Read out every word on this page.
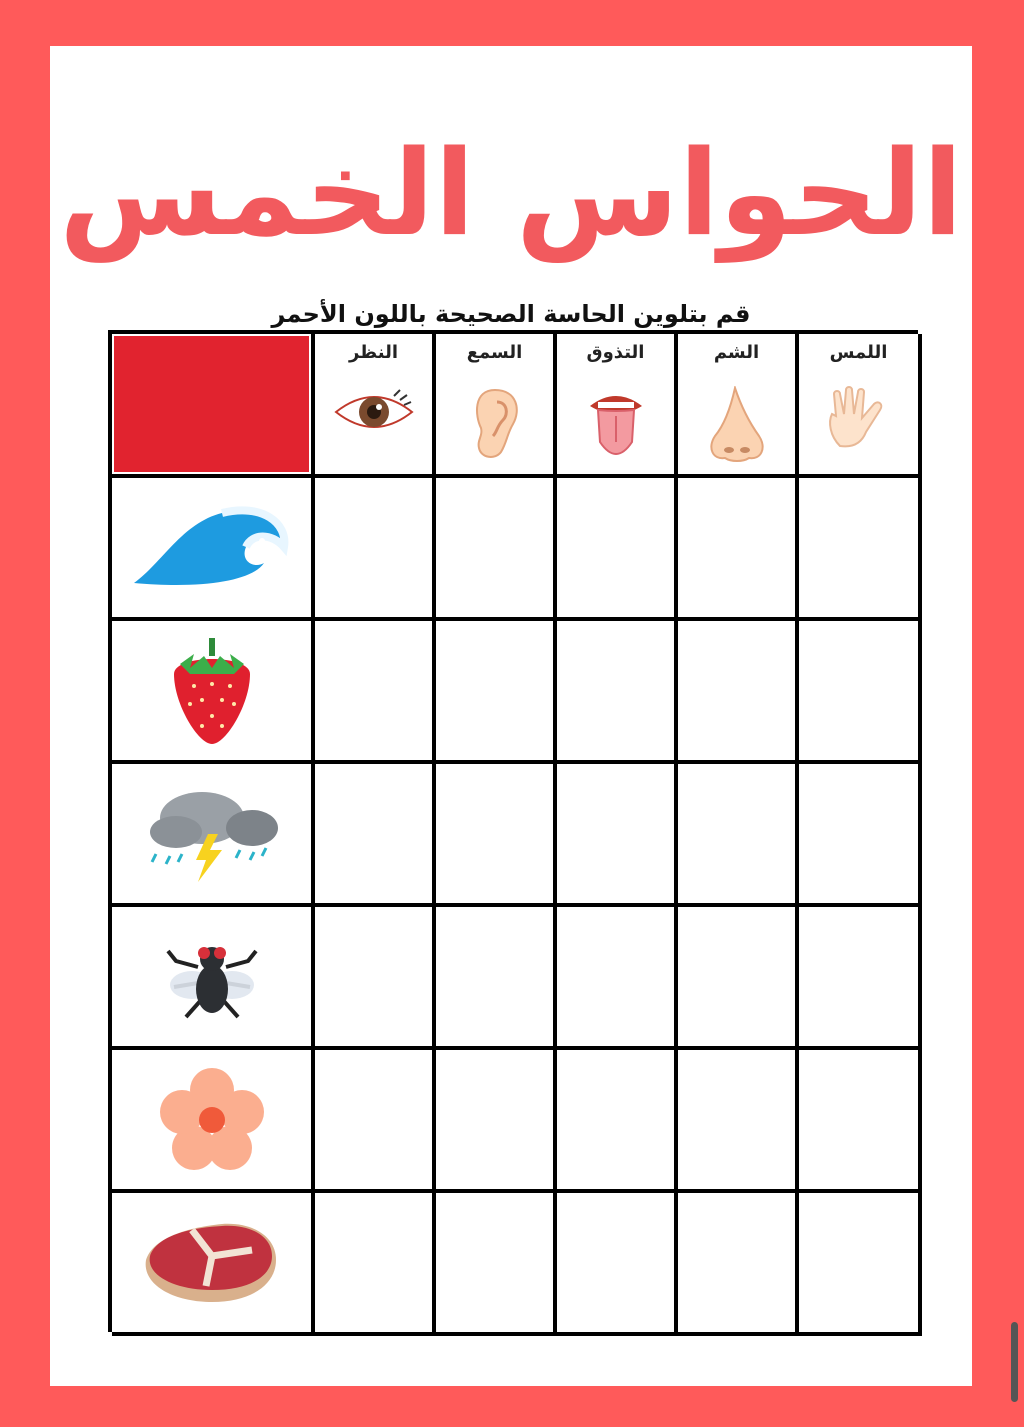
الحواس الخمس
قم بتلوين الحاسة الصحيحة باللون الأحمر
النظر	السمع	التذوق	الشم	اللمس
